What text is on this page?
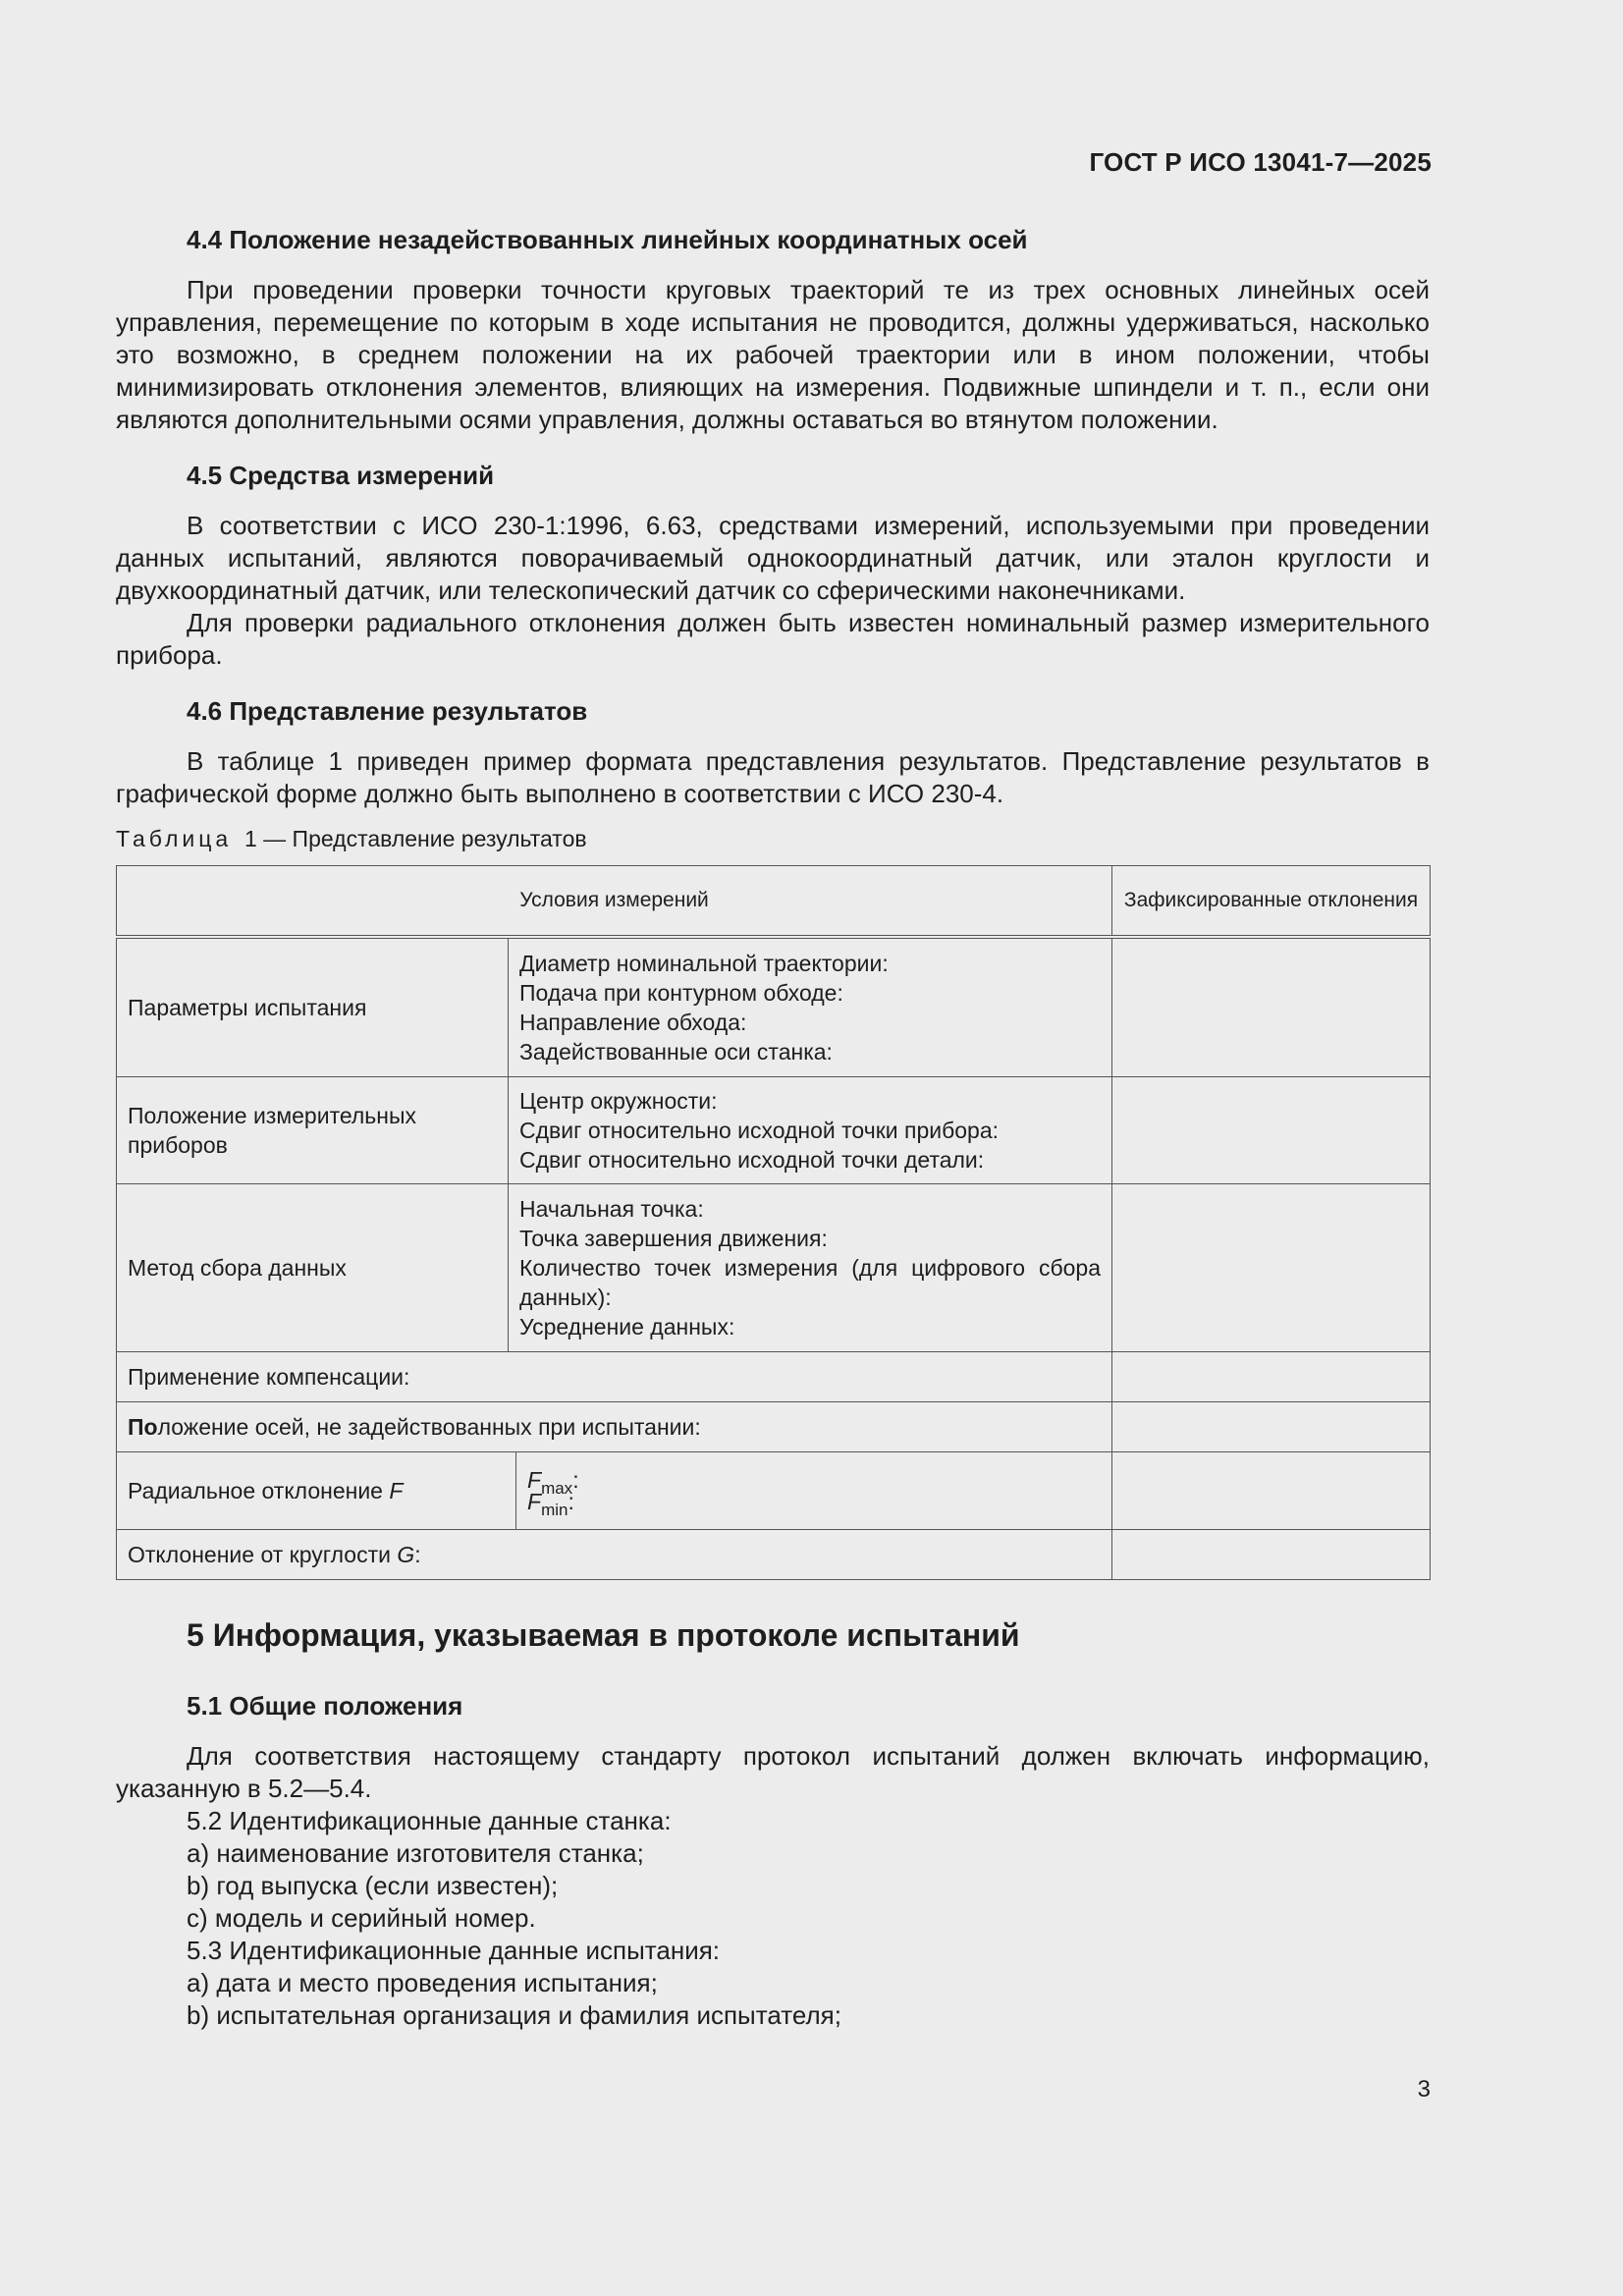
ГОСТ Р ИСО 13041-7—2025
4.4 Положение незадействованных линейных координатных осей

При проведении проверки точности круговых траекторий те из трех основных линейных осей управления, перемещение по которым в ходе испытания не проводится, должны удерживаться, насколько это возможно, в среднем положении на их рабочей траектории или в ином положении, чтобы минимизировать отклонения элементов, влияющих на измерения. Подвижные шпиндели и т. п., если они являются дополнительными осями управления, должны оставаться во втянутом положении.

4.5 Средства измерений

В соответствии с ИСО 230-1:1996, 6.63, средствами измерений, используемыми при проведении данных испытаний, являются поворачиваемый однокоординатный датчик, или эталон круглости и двухкоординатный датчик, или телескопический датчик со сферическими наконечниками.

Для проверки радиального отклонения должен быть известен номинальный размер измерительного прибора.

4.6 Представление результатов

В таблице 1 приведен пример формата представления результатов. Представление результатов в графической форме должно быть выполнено в соответствии с ИСО 230-4.

Таблица 1 — Представление результатов
Условия измерений			Зафиксированные отклонения
Параметры испытания	Диаметр номинальной траектории:
Подача при контурном обходе:
Направление обхода:
Задействованные оси станка:		

Положение измерительных приборов	Центр окружности:
Сдвиг относительно исходной точки прибора:
Сдвиг относительно исходной точки детали:		

Метод сбора данных	Начальная точка:
Точка завершения движения:
Количество точек измерения (для цифрового сбора данных):
Усреднение данных:		

Применение компенсации:			
Положение осей, не задействованных при испытании:			
Радиальное отклонение F		$F_{max}$:
$F_{min}$:	

Отклонение от круглости G:			
5 Информация, указываемая в протоколе испытаний
5.1 Общие положения

Для соответствия настоящему стандарту протокол испытаний должен включать информацию, указанную в 5.2—5.4.

5.2 Идентификационные данные станка:
a) наименование изготовителя станка;
b) год выпуска (если известен);
c) модель и серийный номер.
5.3 Идентификационные данные испытания:
a) дата и место проведения испытания;
b) испытательная организация и фамилия испытателя;
3
